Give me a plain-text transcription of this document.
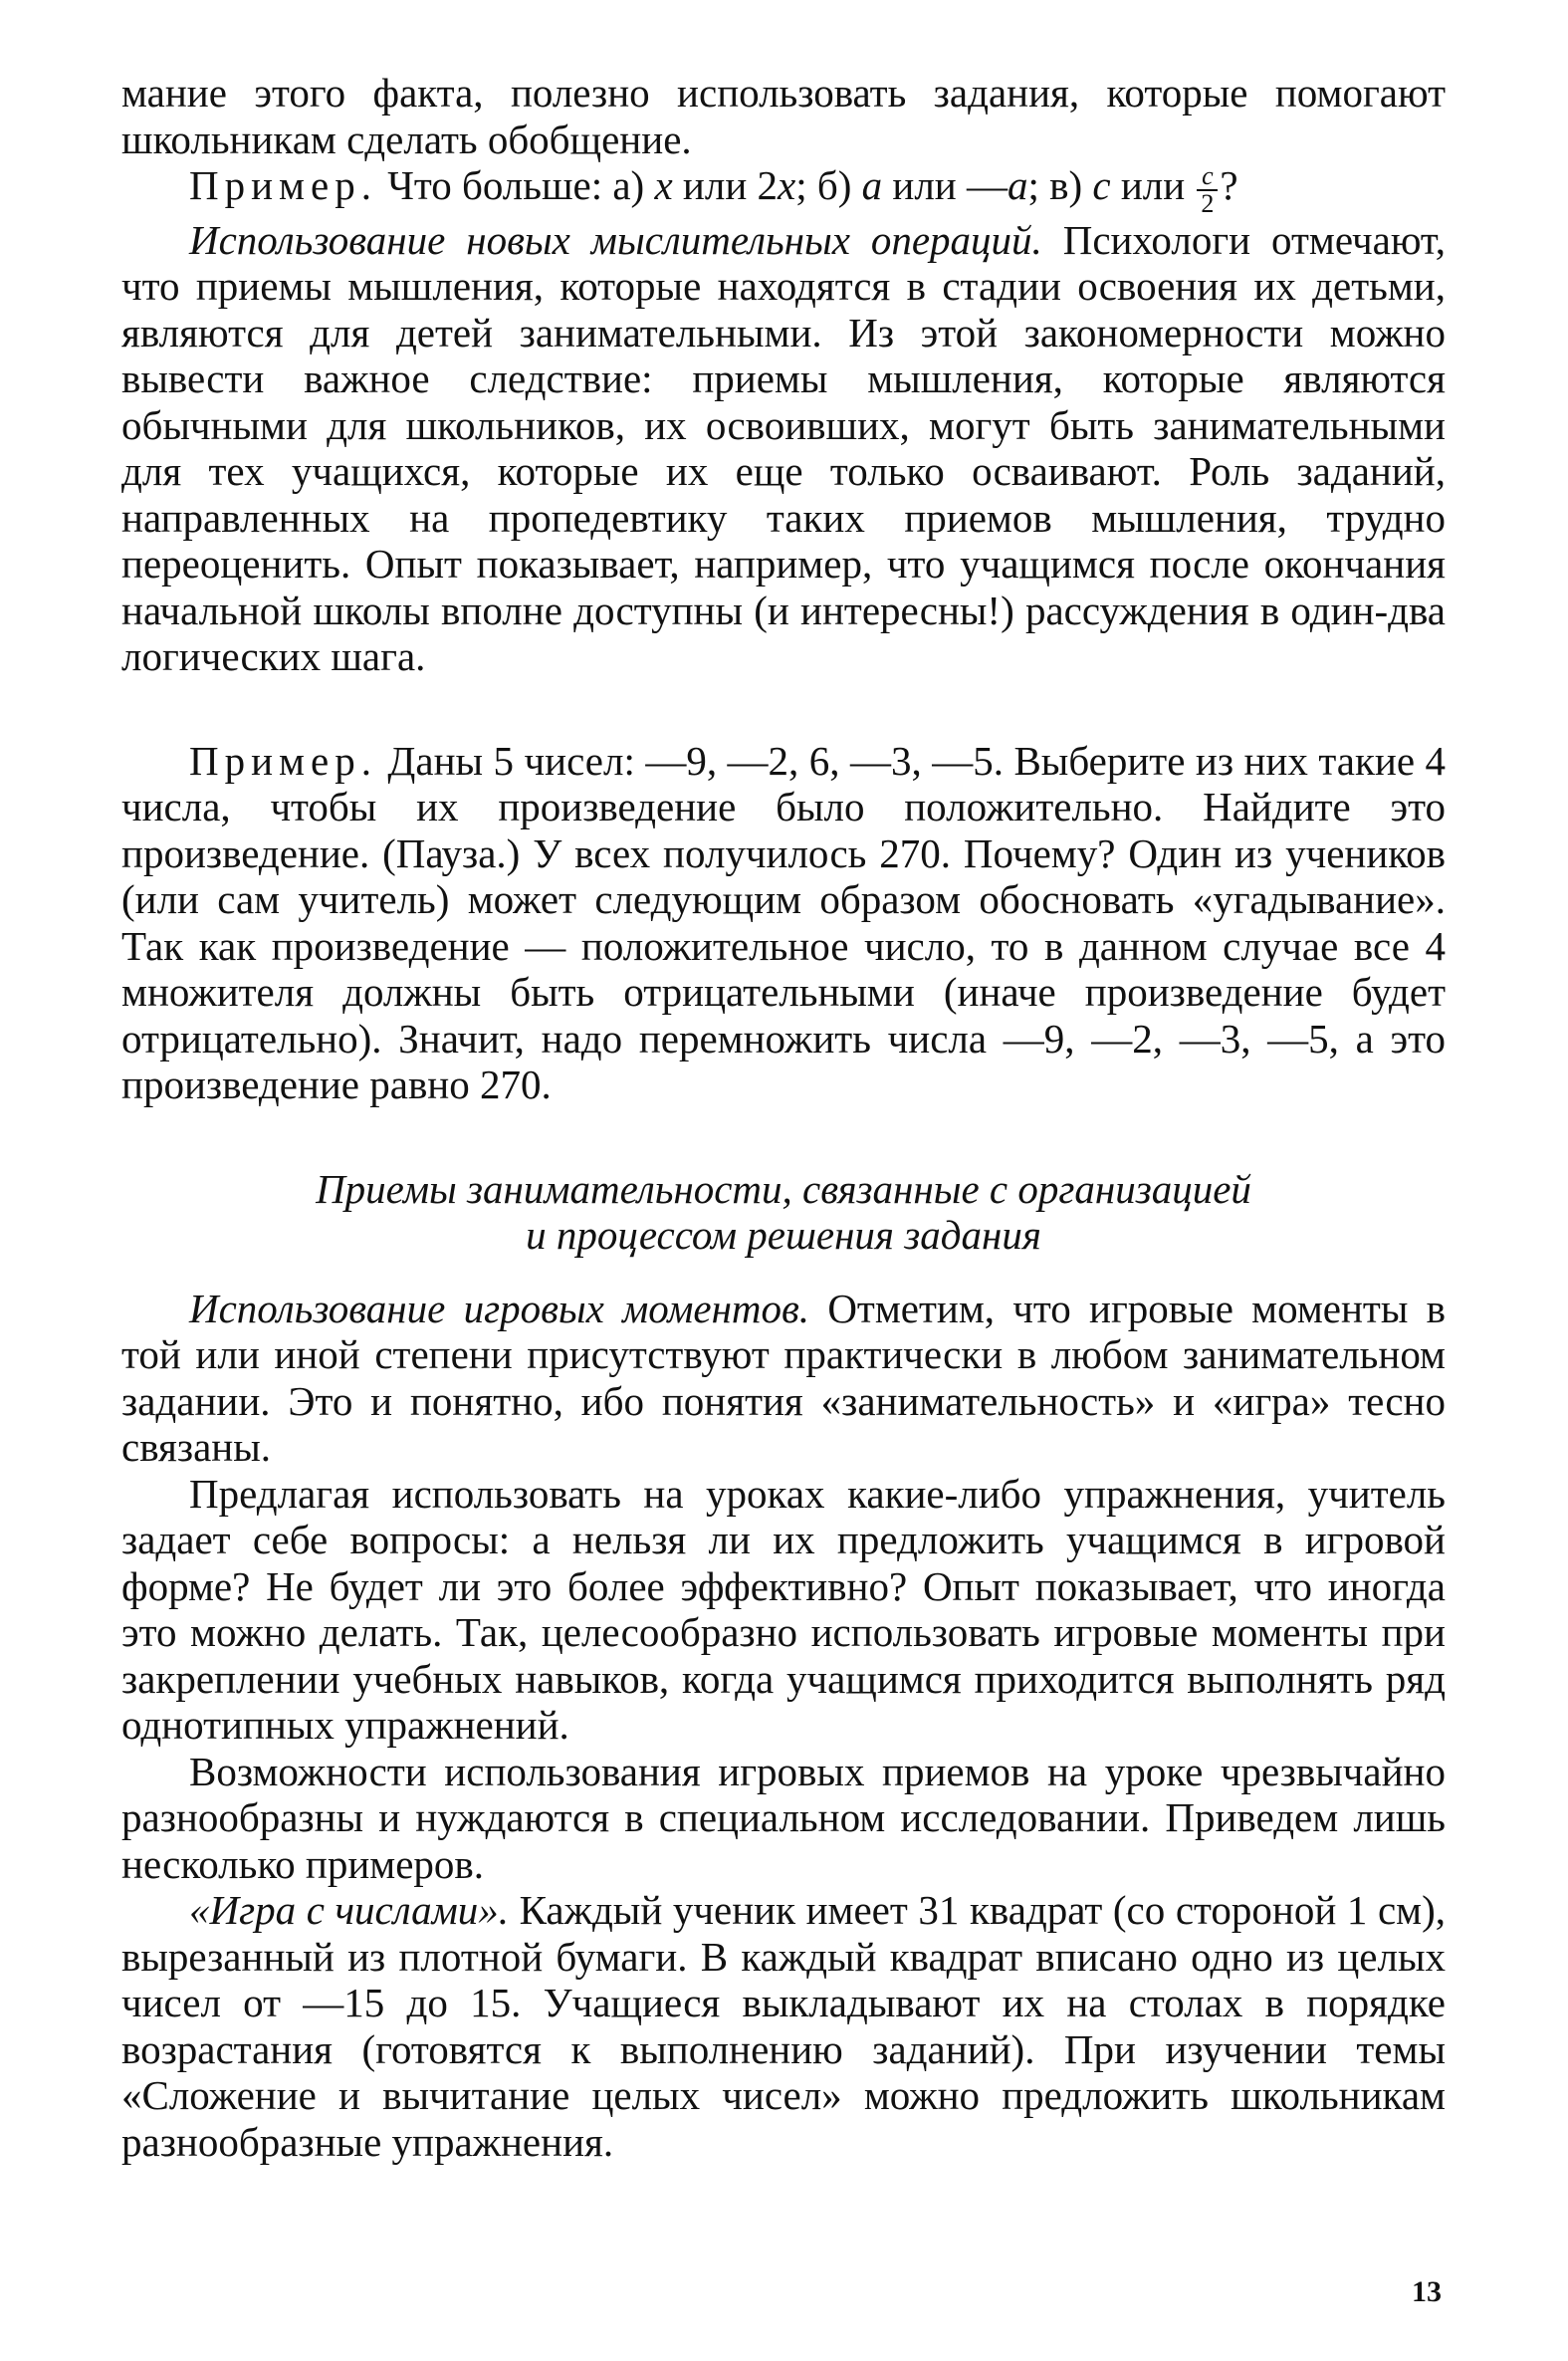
мание этого факта, полезно использовать задания, которые помогают школьникам сделать обобщение.

Пример. Что больше: а) x или 2x; б) a или —a; в) c или $\frac{c}{2}$ ?

Использование новых мыслительных операций. Психологи отмечают, что приемы мышления, которые находятся в стадии освоения их детьми, являются для детей занимательными. Из этой закономерности можно вывести важное следствие: приемы мышления, которые являются обычными для школьников, их освоивших, могут быть занимательными для тех учащихся, которые их еще только осваивают. Роль заданий, направленных на пропедевтику таких приемов мышления, трудно переоценить. Опыт показывает, например, что учащимся после окончания начальной школы вполне доступны (и интересны!) рассуждения в один-два логических шага.

Пример. Даны 5 чисел: —9, —2, 6, —3, —5. Выберите из них такие 4 числа, чтобы их произведение было положительно. Найдите это произведение. (Пауза.) У всех получилось 270. Почему? Один из учеников (или сам учитель) может следующим образом обосновать «угадывание». Так как произведение — положительное число, то в данном случае все 4 множителя должны быть отрицательными (иначе произведение будет отрицательно). Значит, надо перемножить числа —9, —2, —3, —5, а это произведение равно 270.

Приемы занимательности, связанные с организацией
и процессом решения задания

Использование игровых моментов. Отметим, что игровые моменты в той или иной степени присутствуют практически в любом занимательном задании. Это и понятно, ибо понятия «занимательность» и «игра» тесно связаны.

Предлагая использовать на уроках какие-либо упражнения, учитель задает себе вопросы: а нельзя ли их предложить учащимся в игровой форме? Не будет ли это более эффективно? Опыт показывает, что иногда это можно делать. Так, целесообразно использовать игровые моменты при закреплении учебных навыков, когда учащимся приходится выполнять ряд однотипных упражнений.

Возможности использования игровых приемов на уроке чрезвычайно разнообразны и нуждаются в специальном исследовании. Приведем лишь несколько примеров.

«Игра с числами». Каждый ученик имеет 31 квадрат (со стороной 1 см), вырезанный из плотной бумаги. В каждый квадрат вписано одно из целых чисел от —15 до 15. Учащиеся выкладывают их на столах в порядке возрастания (готовятся к выполнению заданий). При изучении темы «Сложение и вычитание целых чисел» можно предложить школьникам разнообразные упражнения.

13
